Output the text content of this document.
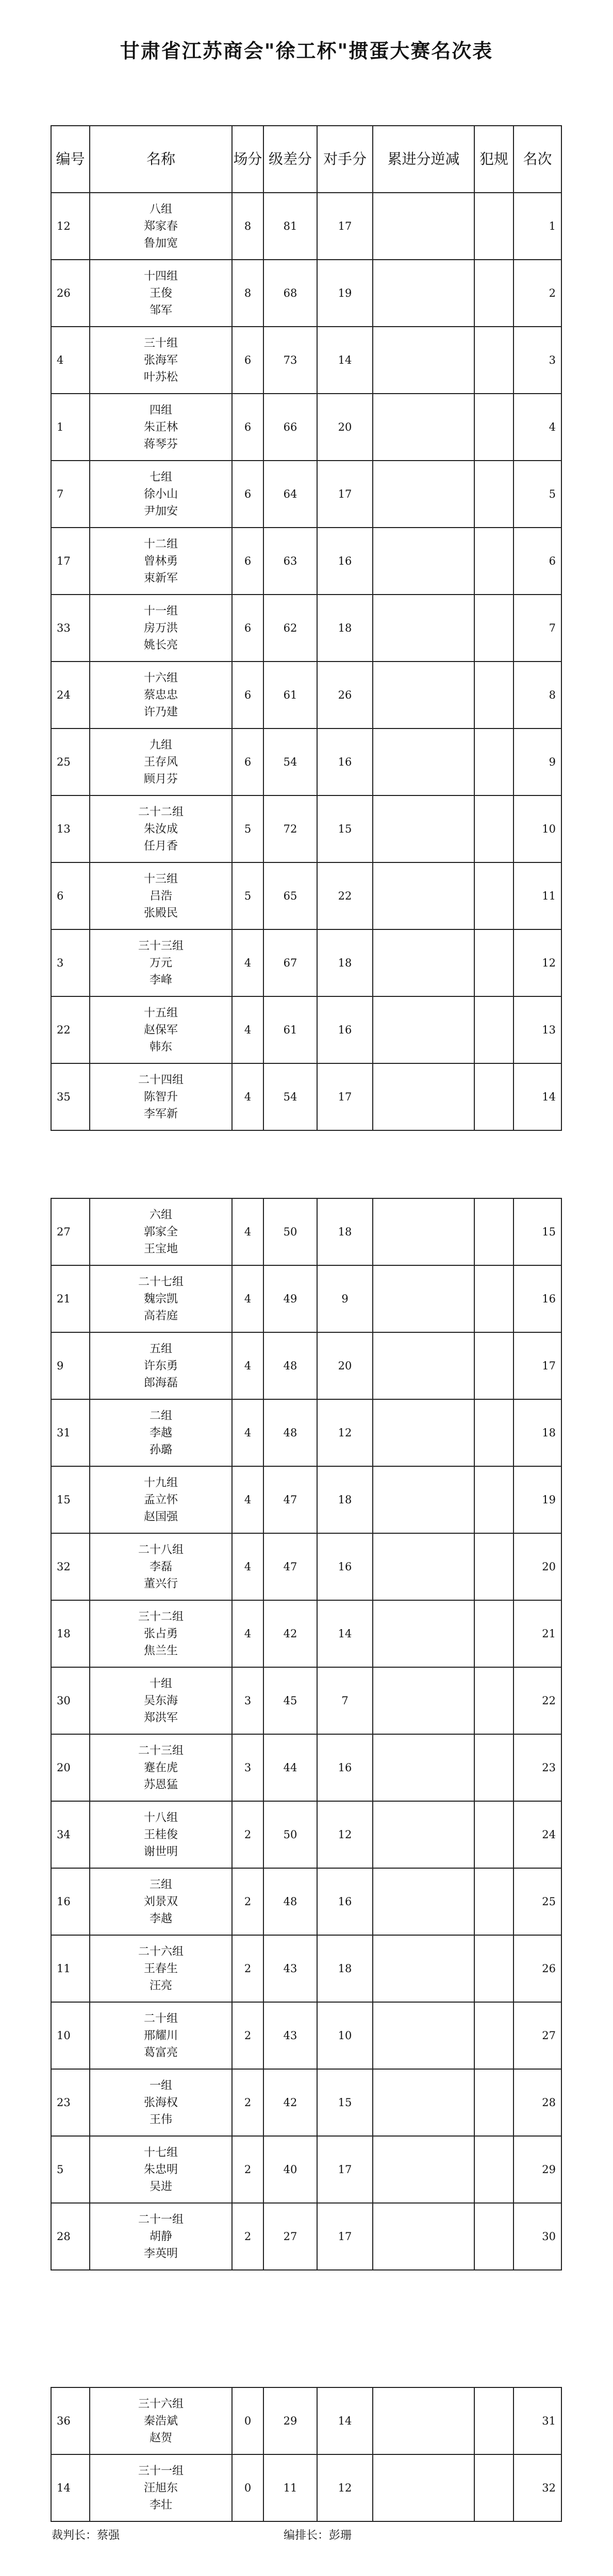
甘肃省江苏商会"徐工杯"掼蛋大赛名次表
编号	名称	场分	级差分	对手分	累进分逆减	犯规	名次
12	八组
郑家春
鲁加宽	8	81	17			1
26	十四组
王俊
邹军	8	68	19			2
4	三十组
张海军
叶苏松	6	73	14			3
1	四组
朱正林
蒋琴芬	6	66	20			4
7	七组
徐小山
尹加安	6	64	17			5
17	十二组
曾林勇
束新军	6	63	16			6
33	十一组
房万洪
姚长亮	6	62	18			7
24	十六组
蔡忠忠
许乃建	6	61	26			8
25	九组
王存风
顾月芬	6	54	16			9
13	二十二组
朱汝成
任月香	5	72	15			10
6	十三组
吕浩
张殿民	5	65	22			11
3	三十三组
万元
李峰	4	67	18			12
22	十五组
赵保军
韩东	4	61	16			13
35	二十四组
陈智升
李军新	4	54	17			14
27	六组
郭家全
王宝地	4	50	18			15
21	二十七组
魏宗凯
高若庭	4	49	9			16
9	五组
许东勇
郎海磊	4	48	20			17
31	二组
李越
孙璐	4	48	12			18
15	十九组
孟立怀
赵国强	4	47	18			19
32	二十八组
李磊
董兴行	4	47	16			20
18	三十二组
张占勇
焦兰生	4	42	14			21
30	十组
吴东海
郑洪军	3	45	7			22
20	二十三组
蹇在虎
苏恩猛	3	44	16			23
34	十八组
王桂俊
谢世明	2	50	12			24
16	三组
刘景双
李越	2	48	16			25
11	二十六组
王春生
汪亮	2	43	18			26
10	二十组
邢耀川
葛富亮	2	43	10			27
23	一组
张海权
王伟	2	42	15			28
5	十七组
朱忠明
吴进	2	40	17			29
28	二十一组
胡静
李英明	2	27	17			30
36	三十六组
秦浩斌
赵贺	0	29	14			31
14	三十一组
汪旭东
李壮	0	11	12			32
裁判长：蔡强	编排长：彭珊
